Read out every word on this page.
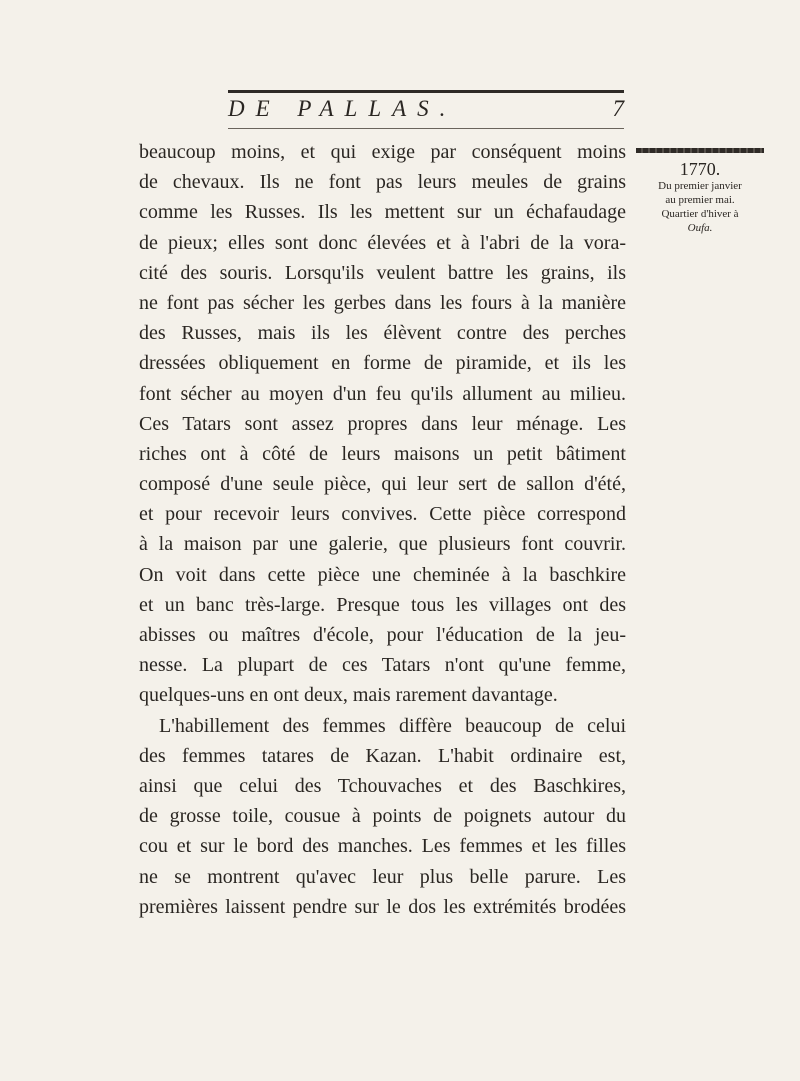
DE PALLAS.	7
beaucoup moins, et qui exige par conséquent moins
de chevaux. Ils ne font pas leurs meules de grains
comme les Russes. Ils les mettent sur un échafaudage
de pieux; elles sont donc élevées et à l'abri de la vora-
cité des souris. Lorsqu'ils veulent battre les grains, ils
ne font pas sécher les gerbes dans les fours à la manière
des Russes, mais ils les élèvent contre des perches
dressées obliquement en forme de piramide, et ils les
font sécher au moyen d'un feu qu'ils allument au milieu.
Ces Tatars sont assez propres dans leur ménage. Les
riches ont à côté de leurs maisons un petit bâtiment
composé d'une seule pièce, qui leur sert de sallon d'été,
et pour recevoir leurs convives. Cette pièce correspond
à la maison par une galerie, que plusieurs font couvrir.
On voit dans cette pièce une cheminée à la baschkire
et un banc très-large. Presque tous les villages ont des
abisses ou maîtres d'école, pour l'éducation de la jeu-
nesse. La plupart de ces Tatars n'ont qu'une femme,
quelques-uns en ont deux, mais rarement davantage.
L'habillement des femmes diffère beaucoup de celui
des femmes tatares de Kazan. L'habit ordinaire est,
ainsi que celui des Tchouvaches et des Baschkires,
de grosse toile, cousue à points de poignets autour du
cou et sur le bord des manches. Les femmes et les filles
ne se montrent qu'avec leur plus belle parure. Les
premières laissent pendre sur le dos les extrémités brodées
1770.
Du premier janvier
au premier mai.
Quartier d'hiver à
Oufa.
